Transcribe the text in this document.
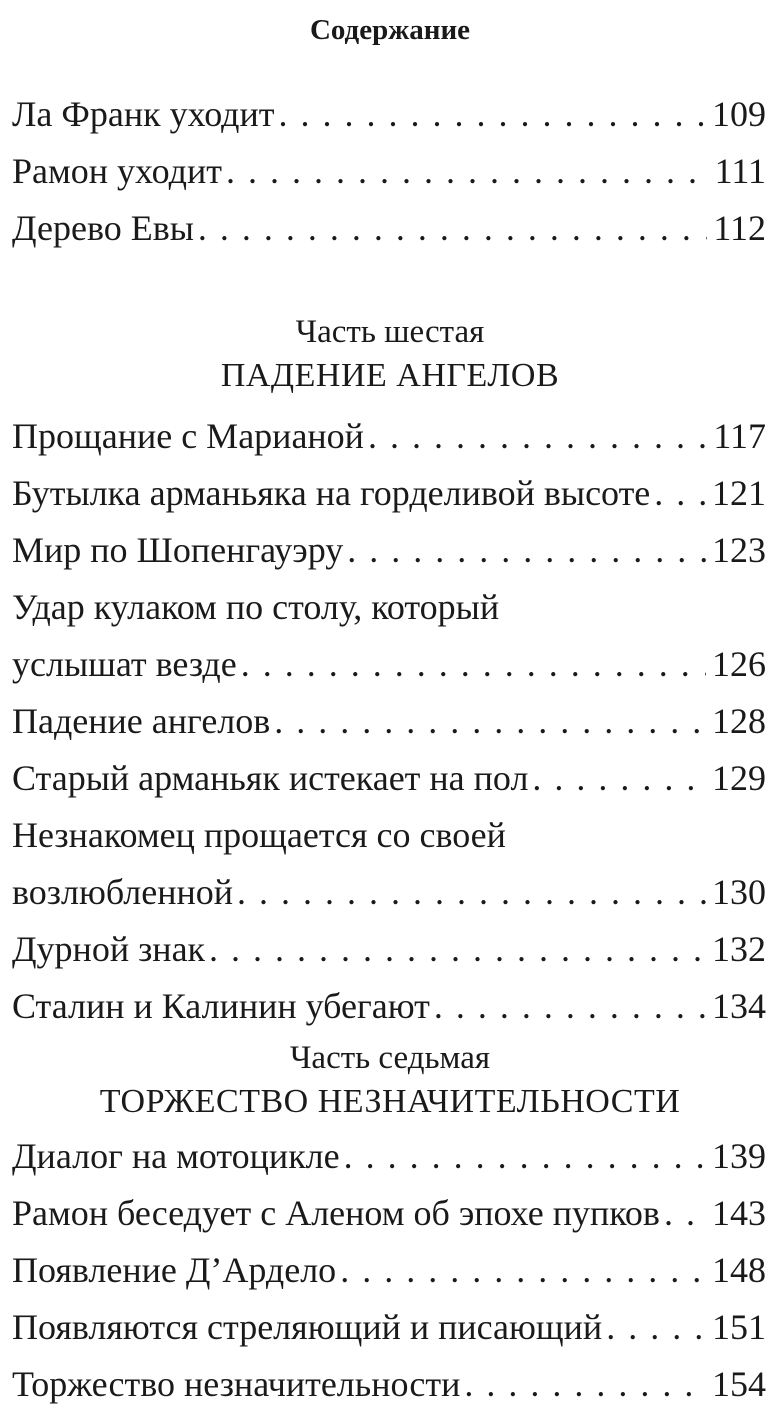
Содержание
Ла Франк уходит . . .	109
Рамон уходит . . .	111
Дерево Евы . . .	112
Часть шестая
ПАДЕНИЕ АНГЕЛОВ
Прощание с Марианой . . .	117
Бутылка арманьяка на горделивой высоте . . . 121
Мир по Шопенгауэру . . .	123
Удар кулаком по столу, который
услышат везде . . .	126
Падение ангелов . . .	128
Старый арманьяк истекает на пол . . .	129
Незнакомец прощается со своей
возлюбленной . . .	130
Дурной знак . . .	132
Сталин и Калинин убегают . . .	134
Часть седьмая
ТОРЖЕСТВО НЕЗНАЧИТЕЛЬНОСТИ
Диалог на мотоцикле . . .	139
Рамон беседует с Аленом об эпохе пупков . . . 143
Появление Д’Ардело . . .	148
Появляются стреляющий и писающий . . .	151
Торжество незначительности . . .	154
